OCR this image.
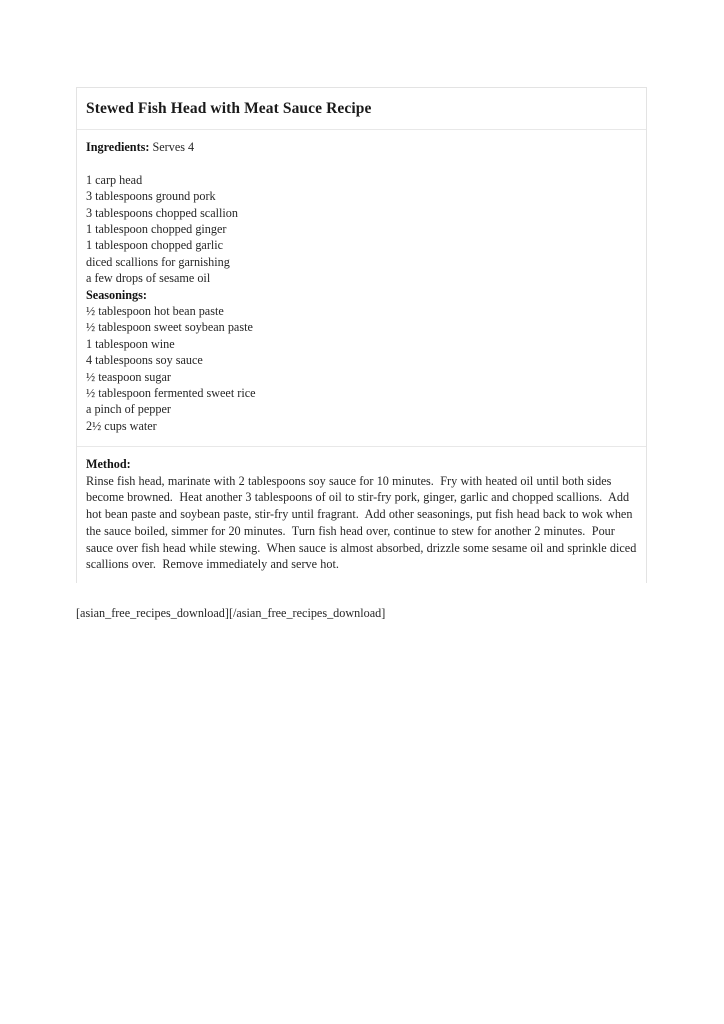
Stewed Fish Head with Meat Sauce Recipe

Ingredients: Serves 4

1 carp head
3 tablespoons ground pork
3 tablespoons chopped scallion
1 tablespoon chopped ginger
1 tablespoon chopped garlic
diced scallions for garnishing
a few drops of sesame oil
Seasonings:
½ tablespoon hot bean paste
½ tablespoon sweet soybean paste
1 tablespoon wine
4 tablespoons soy sauce
½ teaspoon sugar
½ tablespoon fermented sweet rice
a pinch of pepper
2½ cups water

Method:

Rinse fish head, marinate with 2 tablespoons soy sauce for 10 minutes.  Fry with heated oil until both sides become browned.  Heat another 3 tablespoons of oil to stir-fry pork, ginger, garlic and chopped scallions.  Add hot bean paste and soybean paste, stir-fry until fragrant.  Add other seasonings, put fish head back to wok when the sauce boiled, simmer for 20 minutes.  Turn fish head over, continue to stew for another 2 minutes.  Pour sauce over fish head while stewing.  When sauce is almost absorbed, drizzle some sesame oil and sprinkle diced scallions over.  Remove immediately and serve hot.

[asian_free_recipes_download][/asian_free_recipes_download]
